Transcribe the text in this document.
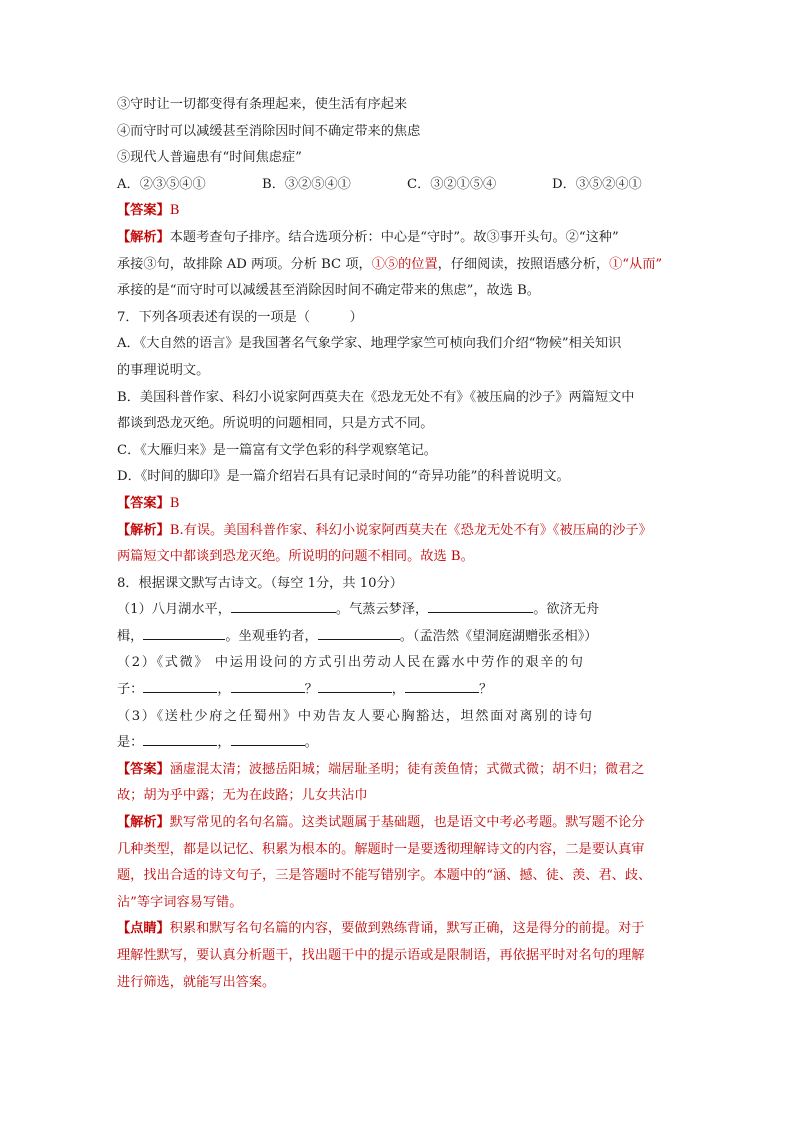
③守时让一切都变得有条理起来，使生活有序起来
④而守时可以减缓甚至消除因时间不确定带来的焦虑
⑤现代人普遍患有“时间焦虑症”
A．②③⑤④①	B．③②⑤④①	C．③②①⑤④	D．③⑤②④①
【答案】B
【解析】本题考查句子排序。结合选项分析：中心是“守时”。故③事开头句。②“这种”
承接③句，故排除 AD 两项。分析 BC 项，①⑤的位置，仔细阅读，按照语感分析，①“从而”
承接的是“而守时可以减缓甚至消除因时间不确定带来的焦虑”，故选 B。
7．下列各项表述有误的一项是（　　　）
A．《大自然的语言》是我国著名气象学家、地理学家竺可桢向我们介绍“物候”相关知识
的事理说明文。
B．美国科普作家、科幻小说家阿西莫夫在《恐龙无处不有》《被压扁的沙子》两篇短文中
都谈到恐龙灭绝。所说明的问题相同，只是方式不同。
C．《大雁归来》是一篇富有文学色彩的科学观察笔记。
D．《时间的脚印》是一篇介绍岩石具有记录时间的“奇异功能”的科普说明文。
【答案】B
【解析】B.有误。美国科普作家、科幻小说家阿西莫夫在《恐龙无处不有》《被压扁的沙子》
两篇短文中都谈到恐龙灭绝。所说明的问题不相同。故选 B。
8．根据课文默写古诗文。（每空 1分，共 10分）
（1）八月湖水平，	。气蒸云梦泽，	。欲济无舟
楫，	。坐观垂钓者，	。（孟浩然《望洞庭湖赠张丞相》）
（2）《式微》 中运用设问的方式引出劳动人民在露水中劳作的艰辛的句
子：	，	？	，	？
（3）《送杜少府之任蜀州》中劝告友人要心胸豁达，坦然面对离别的诗句
是：	，	。
【答案】涵虚混太清；波撼岳阳城；端居耻圣明；徒有羡鱼情；式微式微；胡不归；微君之
故；胡为乎中露；无为在歧路；儿女共沾巾
【解析】默写常见的名句名篇。这类试题属于基础题，也是语文中考必考题。默写题不论分
几种类型，都是以记忆、积累为根本的。解题时一是要透彻理解诗文的内容，二是要认真审
题，找出合适的诗文句子，三是答题时不能写错别字。本题中的“涵、撼、徒、羡、君、歧、
沾”等字词容易写错。
【点睛】积累和默写名句名篇的内容，要做到熟练背诵，默写正确，这是得分的前提。对于
理解性默写，要认真分析题干，找出题干中的提示语或是限制语，再依据平时对名句的理解
进行筛选，就能写出答案。
